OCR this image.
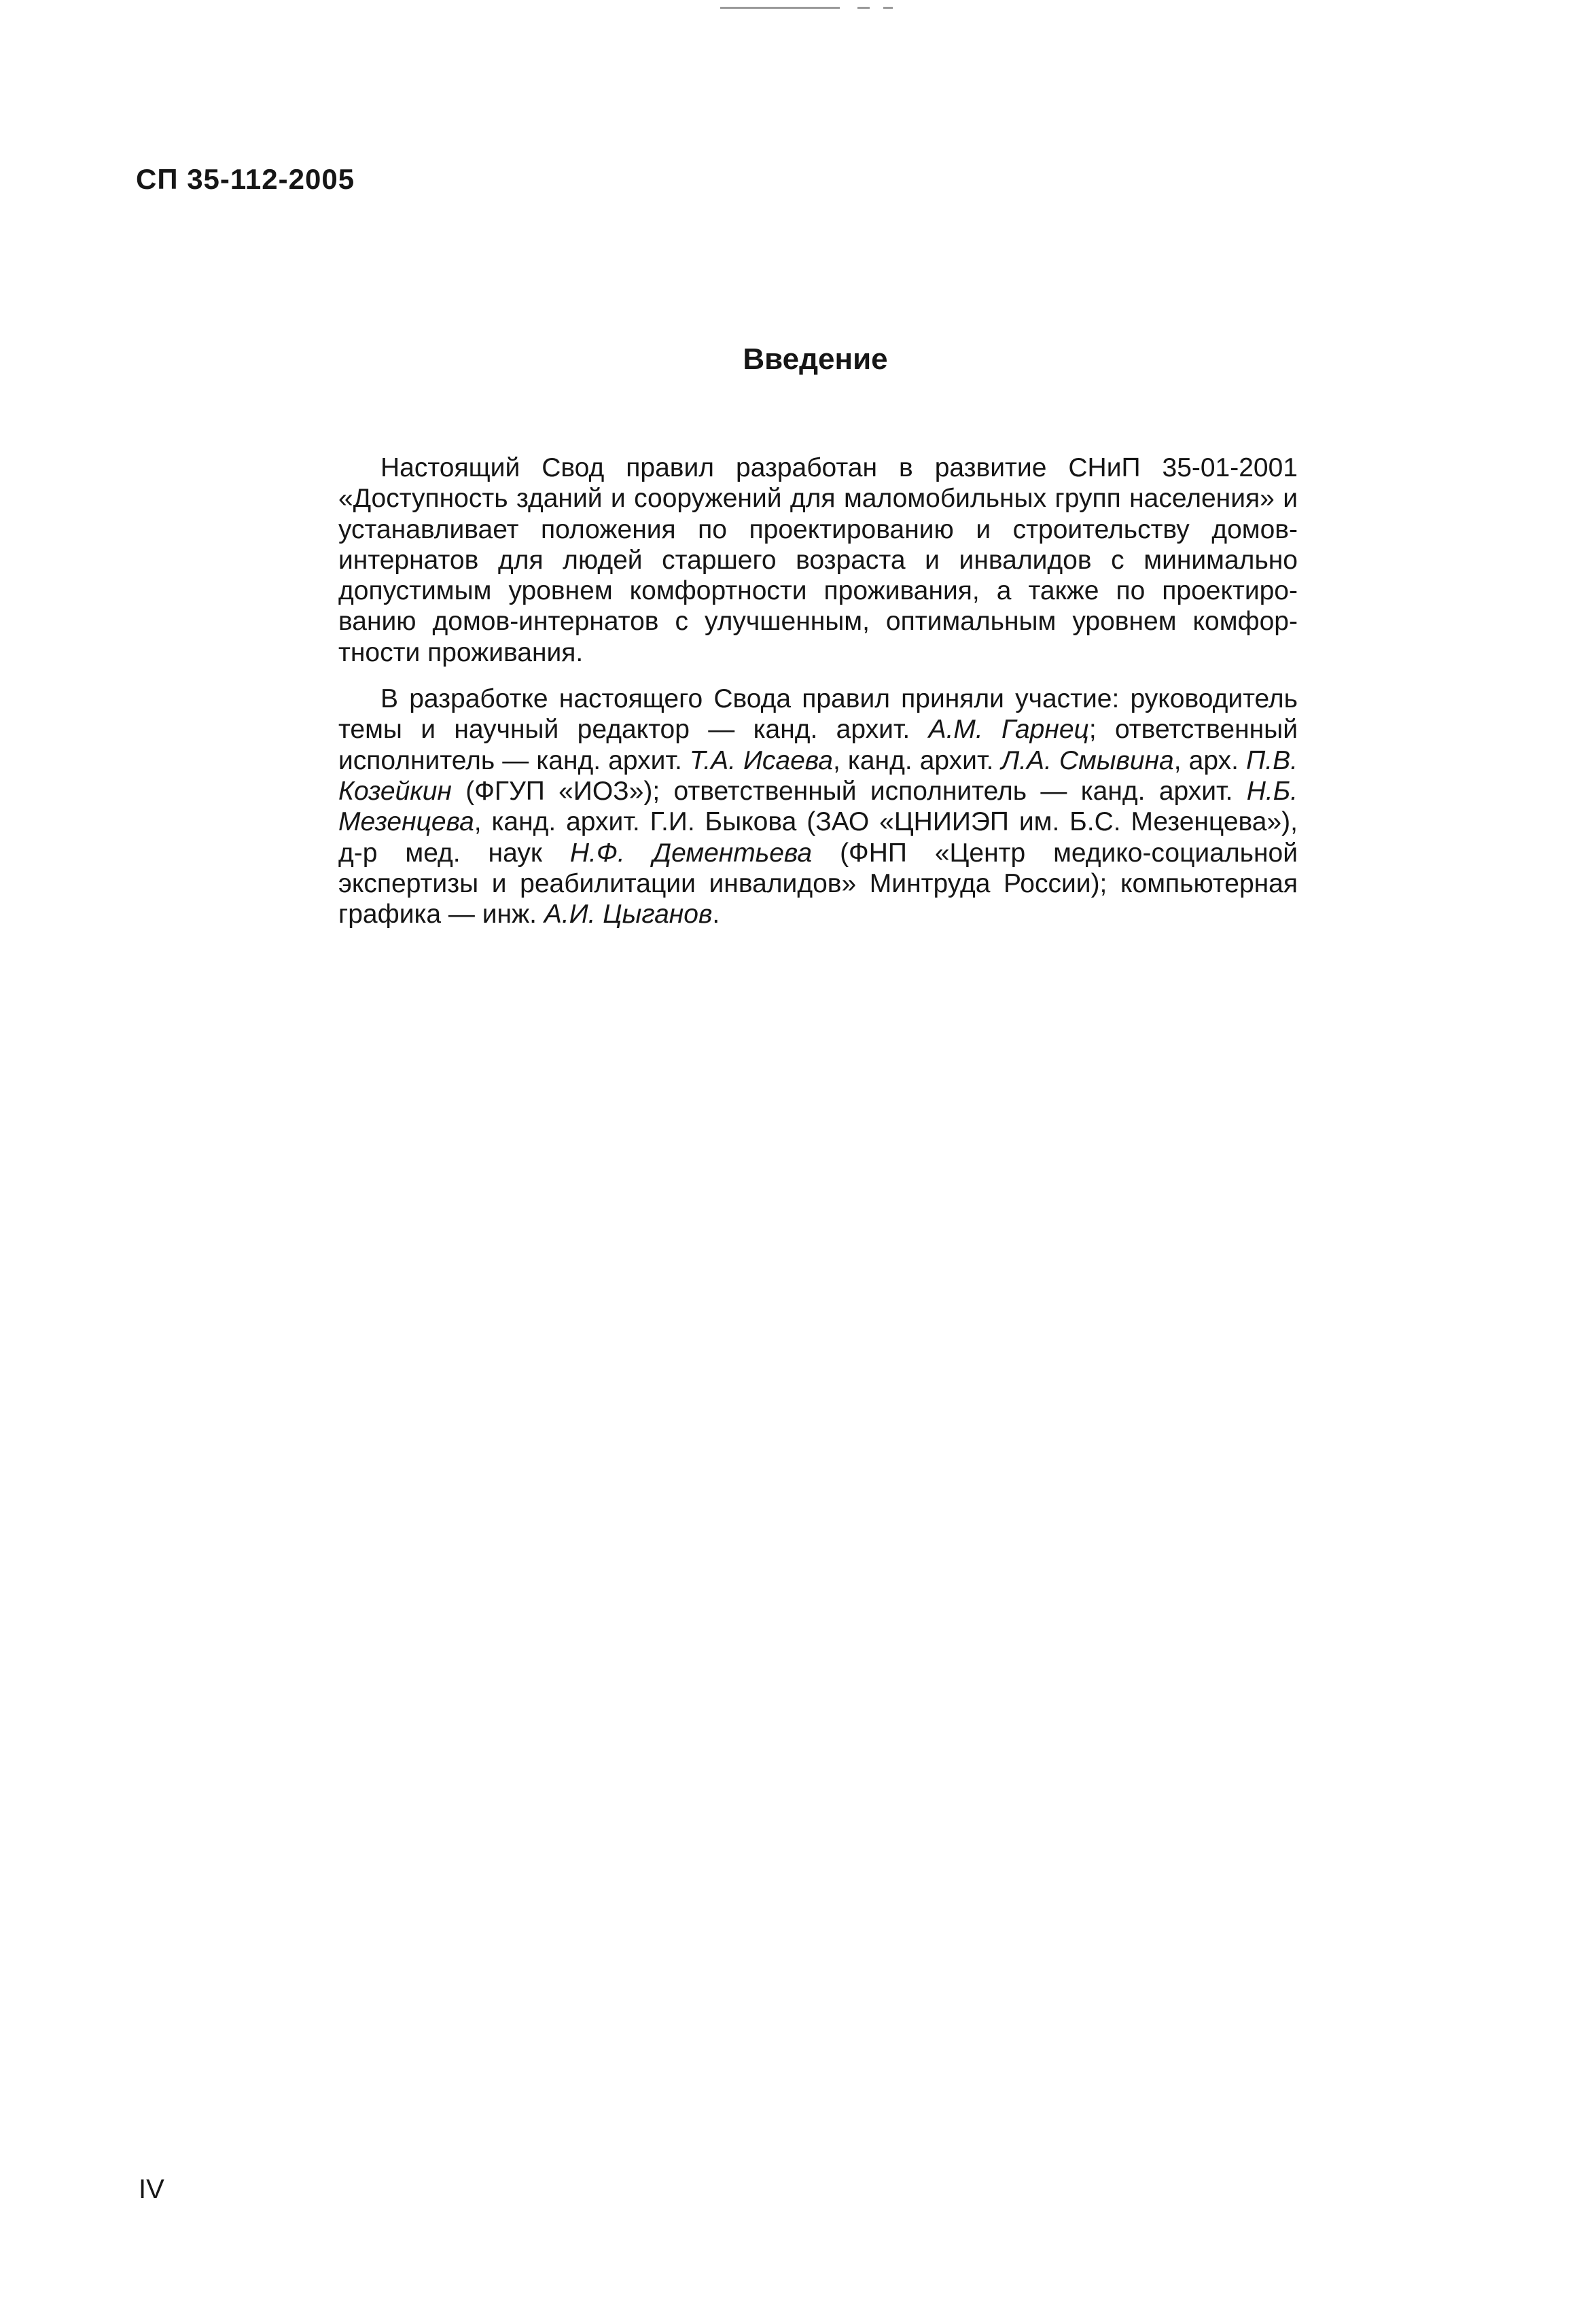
СП 35-112-2005
Введение

Настоящий Свод правил разработан в развитие СНиП 35-01-2001 «Доступность зданий и сооружений для маломобильных групп населения» и устанавливает положения по проектированию и строительству домовинтернатов для людей старшего возраста и инвалидов с минимально допустимым уровнем комфортности проживания, а также по проектированию домов-интернатов с улучшенным, оптимальным уровнем комфортности проживания.

В разработке настоящего Свода правил приняли участие: руководитель темы и научный редактор — канд. архит. А.М. Гарнец; ответственный исполнитель — канд. архит. Т.А. Исаева, канд. архит. Л.А. Смывина, арх. П.В. Козейкин (ФГУП «ИОЗ»); ответственный исполнитель — канд. архит. Н.Б. Мезенцева, канд. архит. Г.И. Быкова (ЗАО «ЦНИИЭП им. Б.С. Мезенцева»), д-р мед. наук Н.Ф. Дементьева (ФНП «Центр медико-социальной экспертизы и реабилитации инвалидов» Минтруда России); компьютерная графика — инж. А.И. Цыганов.

IV
